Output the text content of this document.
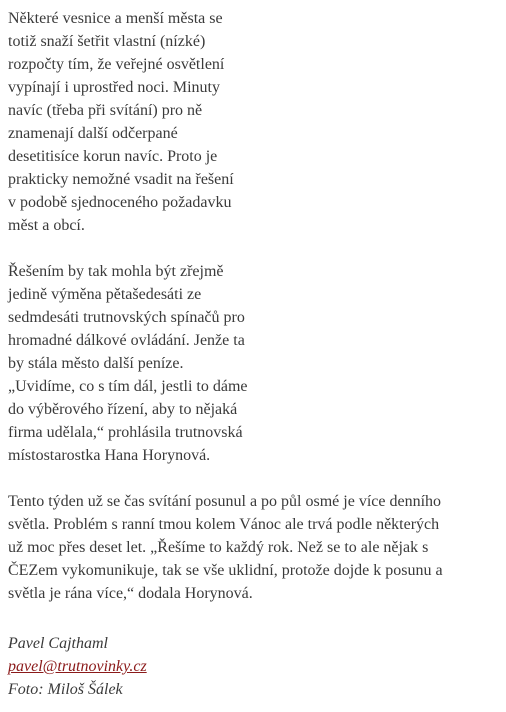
Některé vesnice a menší města se
totiž snaží šetřit vlastní (nízké)
rozpočty tím, že veřejné osvětlení
vypínají i uprostřed noci. Minuty
navíc (třeba při svítání) pro ně
znamenají další odčerpané
desetitisíce korun navíc. Proto je
prakticky nemožné vsadit na řešení
v podobě sjednoceného požadavku
měst a obcí.

Řešením by tak mohla být zřejmě
jedině výměna pětašedesáti ze
sedmdesáti trutnovských spínačů pro
hromadné dálkové ovládání. Jenže ta
by stála město další peníze.
„Uvidíme, co s tím dál, jestli to dáme
do výběrového řízení, aby to nějaká
firma udělala,“ prohlásila trutnovská
místostarostka Hana Horynová.

Tento týden už se čas svítání posunul a po půl osmé je více denního
světla. Problém s ranní tmou kolem Vánoc ale trvá podle některých
už moc přes deset let. „Řešíme to každý rok. Než se to ale nějak s
ČEZem vykomunikuje, tak se vše uklidní, protože dojde k posunu a
světla je rána více,“ dodala Horynová.

Pavel Cajthaml
pavel@trutnovinky.cz
Foto: Miloš Šálek
